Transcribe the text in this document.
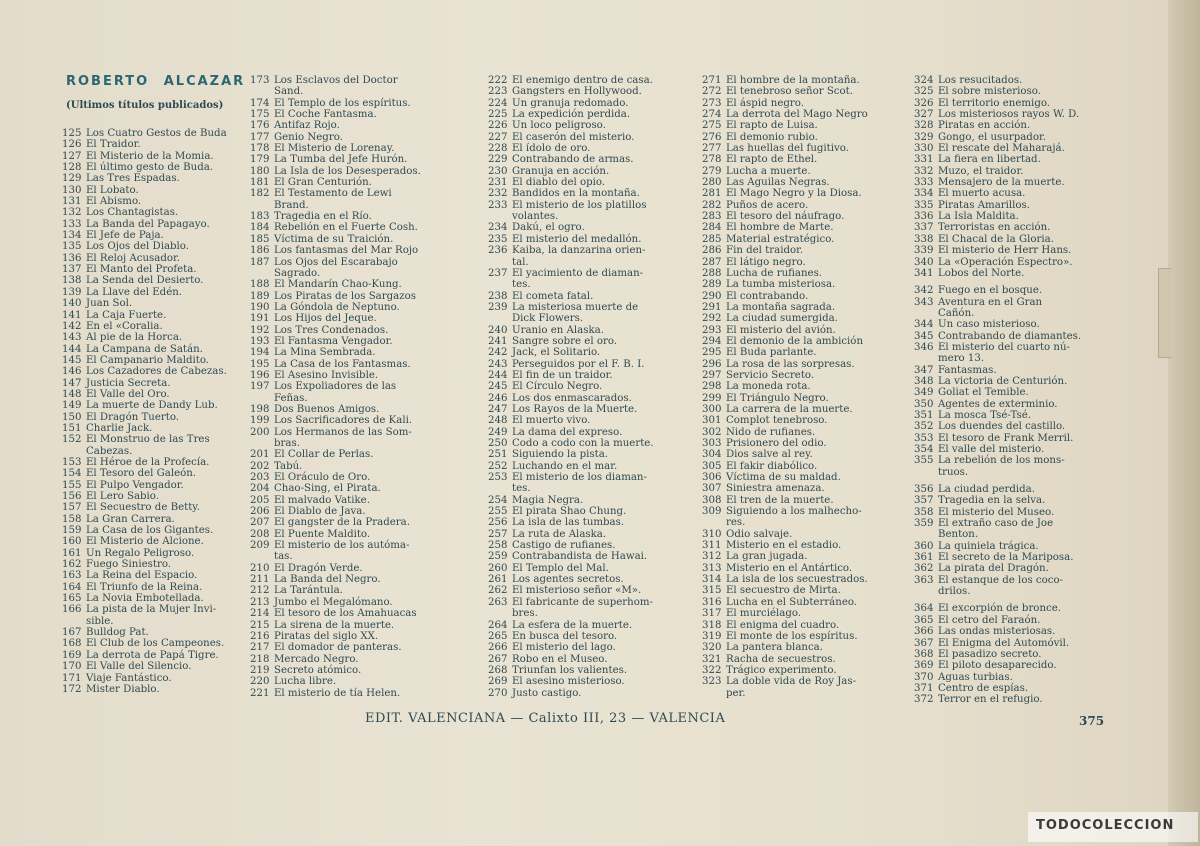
ROBERTO ALCAZAR
(Ultimos títulos publicados)
125 Los Cuatro Gestos de Buda
126 El Traidor.
127 El Misterio de la Momia.
128 El último gesto de Buda.
129 Las Tres Espadas.
130 El Lobato.
131 El Abismo.
132 Los Chantagistas.
133 La Banda del Papagayo.
134 El Jefe de Paja.
135 Los Ojos del Diablo.
136 El Reloj Acusador.
137 El Manto del Profeta.
138 La Senda del Desierto.
139 La Llave del Edén.
140 Juan Sol.
141 La Caja Fuerte.
142 En el «Coralia.
143 Al pie de la Horca.
144 La Campana de Satán.
145 El Campanario Maldito.
146 Los Cazadores de Cabezas.
147 Justicia Secreta.
148 El Valle del Oro.
149 La muerte de Dandy Lub.
150 El Dragón Tuerto.
151 Charlie Jack.
152 El Monstruo de las Tres
Cabezas.
153 El Héroe de la Profecía.
154 El Tesoro del Galeón.
155 El Pulpo Vengador.
156 El Lero Sabio.
157 El Secuestro de Betty.
158 La Gran Carrera.
159 La Casa de los Gigantes.
160 El Misterio de Alcione.
161 Un Regalo Peligroso.
162 Fuego Siniestro.
163 La Reina del Espacio.
164 El Triunfo de la Reina.
165 La Novia Embotellada.
166 La pista de la Mujer Invi-
sible.
167 Bulldog Pat.
168 El Club de los Campeones.
169 La derrota de Papá Tigre.
170 El Valle del Silencio.
171 Viaje Fantástico.
172 Mister Diablo.
173 Los Esclavos del Doctor
Sand.
174 El Templo de los espíritus.
175 El Coche Fantasma.
176 Antifaz Rojo.
177 Genio Negro.
178 El Misterio de Lorenay.
179 La Tumba del Jefe Hurón.
180 La Isla de los Desesperados.
181 El Gran Centurión.
182 El Testamento de Lewi
Brand.
183 Tragedia en el Río.
184 Rebelión en el Fuerte Cosh.
185 Víctima de su Traición.
186 Los fantasmas del Mar Rojo
187 Los Ojos del Escarabajo
Sagrado.
188 El Mandarín Chao-Kung.
189 Los Piratas de los Sargazos
190 La Góndola de Neptuno.
191 Los Hijos del Jeque.
192 Los Tres Condenados.
193 El Fantasma Vengador.
194 La Mina Sembrada.
195 La Casa de los Fantasmas.
196 El Asesino Invisible.
197 Los Expoliadores de las
Feñas.
198 Dos Buenos Amigos.
199 Los Sacrificadores de Kali.
200 Los Hermanos de las Som-
bras.
201 El Collar de Perlas.
202 Tabú.
203 El Oráculo de Oro.
204 Chao-Sing, el Pirata.
205 El malvado Vatike.
206 El Diablo de Java.
207 El gangster de la Pradera.
208 El Puente Maldito.
209 El misterio de los autóma-
tas.
210 El Dragón Verde.
211 La Banda del Negro.
212 La Tarántula.
213 Jumbo el Megalómano.
214 El tesoro de los Amahuacas
215 La sirena de la muerte.
216 Piratas del siglo XX.
217 El domador de panteras.
218 Mercado Negro.
219 Secreto atómico.
220 Lucha libre.
221 El misterio de tía Helen.
222 El enemigo dentro de casa.
223 Gangsters en Hollywood.
224 Un granuja redomado.
225 La expedición perdida.
226 Un loco peligroso.
227 El caserón del misterio.
228 El ídolo de oro.
229 Contrabando de armas.
230 Granuja en acción.
231 El diablo del opio.
232 Bandidos en la montaña.
233 El misterio de los platillos
volantes.
234 Dakú, el ogro.
235 El misterio del medallón.
236 Kaiba, la danzarina orien-
tal.
237 El yacimiento de diaman-
tes.
238 El cometa fatal.
239 La misteriosa muerte de
Dick Flowers.
240 Uranio en Alaska.
241 Sangre sobre el oro.
242 Jack, el Solitario.
243 Perseguidos por el F. B. I.
244 El fin de un traidor.
245 El Círculo Negro.
246 Los dos enmascarados.
247 Los Rayos de la Muerte.
248 El muerto vivo.
249 La dama del expreso.
250 Codo a codo con la muerte.
251 Siguiendo la pista.
252 Luchando en el mar.
253 El misterio de los diaman-
tes.
254 Magia Negra.
255 El pirata Shao Chung.
256 La isla de las tumbas.
257 La ruta de Alaska.
258 Castigo de rufianes.
259 Contrabandista de Hawai.
260 El Templo del Mal.
261 Los agentes secretos.
262 El misterioso señor «M».
263 El fabricante de superhom-
bres.
264 La esfera de la muerte.
265 En busca del tesoro.
266 El misterio del lago.
267 Robo en el Museo.
268 Triunfan los valientes.
269 El asesino misterioso.
270 Justo castigo.
271 El hombre de la montaña.
272 El tenebroso señor Scot.
273 El áspid negro.
274 La derrota del Mago Negro
275 El rapto de Luisa.
276 El demonio rubio.
277 Las huellas del fugitivo.
278 El rapto de Ethel.
279 Lucha a muerte.
280 Las Aguilas Negras.
281 El Mago Negro y la Diosa.
282 Puños de acero.
283 El tesoro del náufrago.
284 El hombre de Marte.
285 Material estratégico.
286 Fin del traidor.
287 El látigo negro.
288 Lucha de rufianes.
289 La tumba misteriosa.
290 El contrabando.
291 La montaña sagrada.
292 La ciudad sumergida.
293 El misterio del avión.
294 El demonio de la ambición
295 El Buda parlante.
296 La rosa de las sorpresas.
297 Servicio Secreto.
298 La moneda rota.
299 El Triángulo Negro.
300 La carrera de la muerte.
301 Complot tenebroso.
302 Nido de rufianes.
303 Prisionero del odio.
304 Dios salve al rey.
305 El fakir diabólico.
306 Víctima de su maldad.
307 Siniestra amenaza.
308 El tren de la muerte.
309 Siguiendo a los malhecho-
res.
310 Odio salvaje.
311 Misterio en el estadio.
312 La gran jugada.
313 Misterio en el Antártico.
314 La isla de los secuestrados.
315 El secuestro de Mirta.
316 Lucha en el Subterráneo.
317 El murciélago.
318 El enigma del cuadro.
319 El monte de los espíritus.
320 La pantera blanca.
321 Racha de secuestros.
322 Trágico experimento.
323 La doble vida de Roy Jas-
per.
324 Los resucitados.
325 El sobre misterioso.
326 El territorio enemigo.
327 Los misteriosos rayos W. D.
328 Piratas en acción.
329 Gongo, el usurpador.
330 El rescate del Maharajá.
331 La fiera en libertad.
332 Muzo, el traidor.
333 Mensajero de la muerte.
334 El muerto acusa.
335 Piratas Amarillos.
336 La Isla Maldita.
337 Terroristas en acción.
338 El Chacal de la Gloria.
339 El misterio de Herr Hans.
340 La «Operación Espectro».
341 Lobos del Norte.
342 Fuego en el bosque.
343 Aventura en el Gran
Cañón.
344 Un caso misterioso.
345 Contrabando de diamantes.
346 El misterio del cuarto nú-
mero 13.
347 Fantasmas.
348 La victoria de Centurión.
349 Goliat el Temible.
350 Agentes de exterminio.
351 La mosca Tsé-Tsé.
352 Los duendes del castillo.
353 El tesoro de Frank Merril.
354 El valle del misterio.
355 La rebelión de los mons-
truos.
356 La ciudad perdida.
357 Tragedia en la selva.
358 El misterio del Museo.
359 El extraño caso de Joe
Benton.
360 La quiniela trágica.
361 El secreto de la Mariposa.
362 La pirata del Dragón.
363 El estanque de los coco-
drilos.
364 El excorpión de bronce.
365 El cetro del Faraón.
366 Las ondas misteriosas.
367 El Enigma del Automóvil.
368 El pasadizo secreto.
369 El piloto desaparecido.
370 Aguas turbias.
371 Centro de espías.
372 Terror en el refugio.
EDIT. VALENCIANA — Calixto III, 23 — VALENCIA	375
TODOCOLECCION
